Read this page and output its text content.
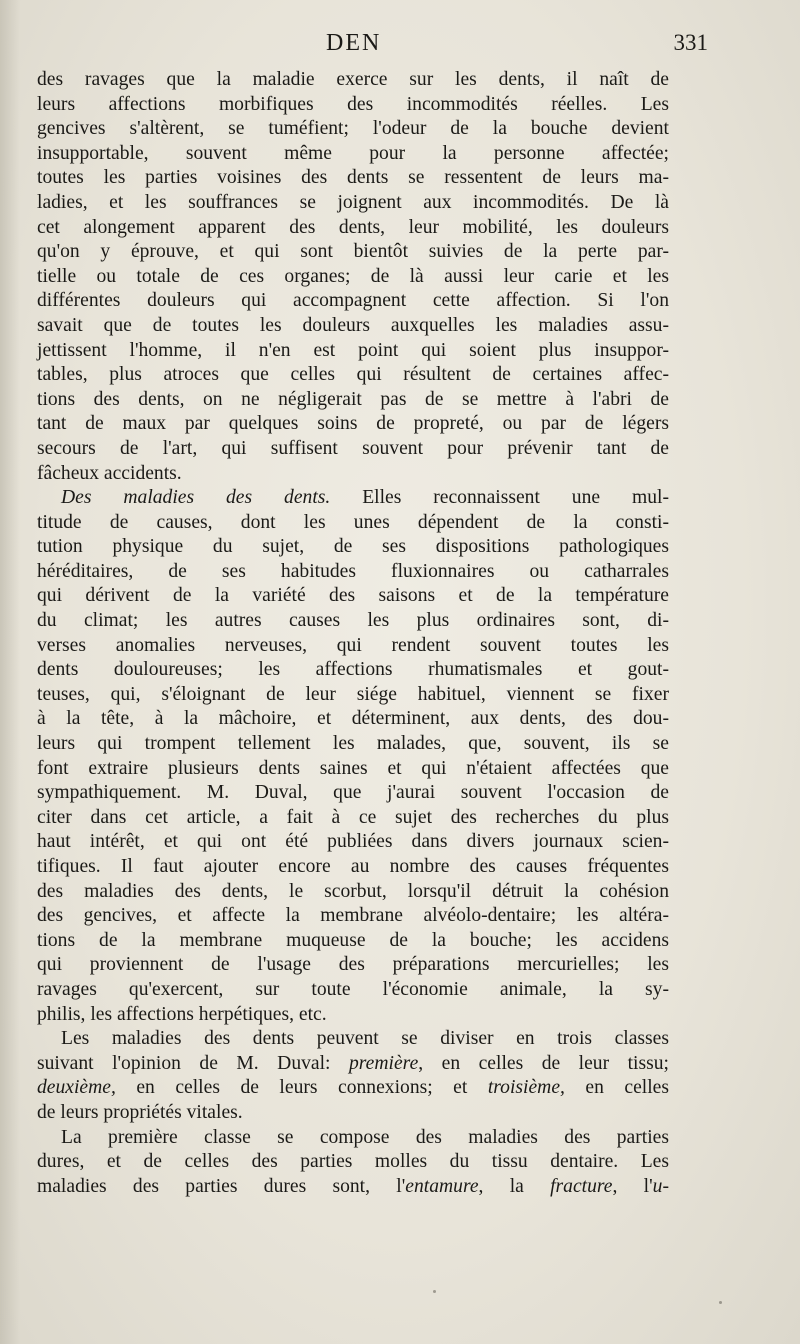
DEN	331
des ravages que la maladie exerce sur les dents, il naît de
leurs affections morbifiques des incommodités réelles. Les
gencives s'altèrent, se tuméfient; l'odeur de la bouche devient
insupportable, souvent même pour la personne affectée;
toutes les parties voisines des dents se ressentent de leurs ma-
ladies, et les souffrances se joignent aux incommodités. De là
cet alongement apparent des dents, leur mobilité, les douleurs
qu'on y éprouve, et qui sont bientôt suivies de la perte par-
tielle ou totale de ces organes; de là aussi leur carie et les
différentes douleurs qui accompagnent cette affection. Si l'on
savait que de toutes les douleurs auxquelles les maladies assu-
jettissent l'homme, il n'en est point qui soient plus insuppor-
tables, plus atroces que celles qui résultent de certaines affec-
tions des dents, on ne négligerait pas de se mettre à l'abri de
tant de maux par quelques soins de propreté, ou par de légers
secours de l'art, qui suffisent souvent pour prévenir tant de
fâcheux accidents.
Des maladies des dents. Elles reconnaissent une mul-
titude de causes, dont les unes dépendent de la consti-
tution physique du sujet, de ses dispositions pathologiques
héréditaires, de ses habitudes fluxionnaires ou catharrales
qui dérivent de la variété des saisons et de la température
du climat; les autres causes les plus ordinaires sont, di-
verses anomalies nerveuses, qui rendent souvent toutes les
dents douloureuses; les affections rhumatismales et gout-
teuses, qui, s'éloignant de leur siége habituel, viennent se fixer
à la tête, à la mâchoire, et déterminent, aux dents, des dou-
leurs qui trompent tellement les malades, que, souvent, ils se
font extraire plusieurs dents saines et qui n'étaient affectées que
sympathiquement. M. Duval, que j'aurai souvent l'occasion de
citer dans cet article, a fait à ce sujet des recherches du plus
haut intérêt, et qui ont été publiées dans divers journaux scien-
tifiques. Il faut ajouter encore au nombre des causes fréquentes
des maladies des dents, le scorbut, lorsqu'il détruit la cohésion
des gencives, et affecte la membrane alvéolo-dentaire; les altéra-
tions de la membrane muqueuse de la bouche; les accidens
qui proviennent de l'usage des préparations mercurielles; les
ravages qu'exercent, sur toute l'économie animale, la sy-
philis, les affections herpétiques, etc.
Les maladies des dents peuvent se diviser en trois classes
suivant l'opinion de M. Duval: première, en celles de leur tissu;
deuxième, en celles de leurs connexions; et troisième, en celles
de leurs propriétés vitales.
La première classe se compose des maladies des parties
dures, et de celles des parties molles du tissu dentaire. Les
maladies des parties dures sont, l'entamure, la fracture, l'u-
